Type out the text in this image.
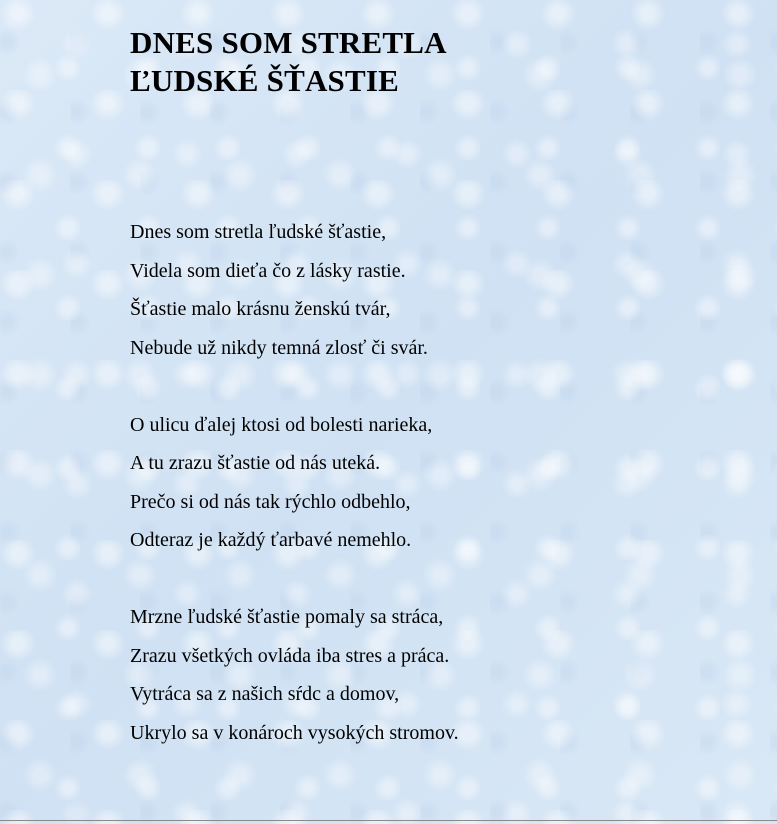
DNES SOM STRETLA
ĽUDSKÉ ŠŤASTIE

Dnes som stretla ľudské šťastie,
Videla som dieťa čo z lásky rastie.
Šťastie malo krásnu ženskú tvár,
Nebude už nikdy temná zlosť či svár.

O ulicu ďalej ktosi od bolesti narieka,
A tu zrazu šťastie od nás uteká.
Prečo si od nás tak rýchlo odbehlo,
Odteraz je každý ťarbavé nemehlo.

Mrzne ľudské šťastie pomaly sa stráca,
Zrazu všetkých ovláda iba stres a práca.
Vytráca sa z našich sŕdc a domov,
Ukrylo sa v konároch vysokých stromov.
